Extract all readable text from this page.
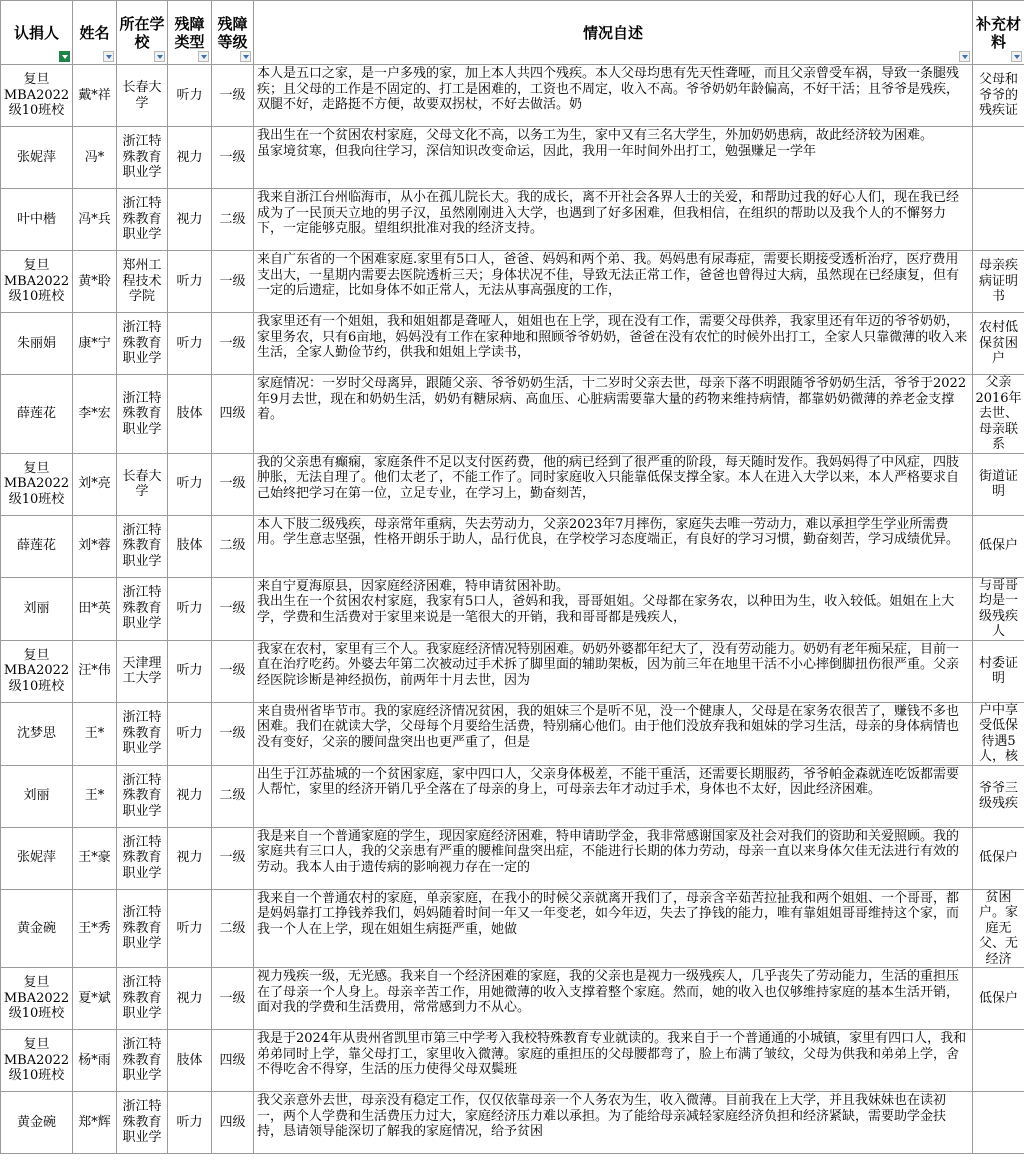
认捐人	姓名	所在学校	残障类型	残障等级	情况自述	补充材料

复旦MBA2022级10班校	戴*祥	长春大学	听力	一级	本人是五口之家，是一户多残的家，加上本人共四个残疾。本人父母均患有先天性聋哑，而且父亲曾受车祸，导致一条腿残疾；且父母的工作是不固定的、打工是困难的，工资也不周定，收入不高。爷爷奶奶年龄偏高，不好干活；且爷爷是残疾，双腿不好，走路挺不方便，故要双拐杖，不好去做活。奶	父母和爷爷的残疾证
张妮萍	冯*	浙江特殊教育职业学	视力	一级	我出生在一个贫困农村家庭，父母文化不高，以务工为生，家中又有三名大学生，外加奶奶患病，故此经济较为困难。
虽家境贫寒，但我向往学习，深信知识改变命运，因此，我用一年时间外出打工，勉强赚足一学年	

叶中楷	冯*兵	浙江特殊教育职业学	视力	二级	我来自浙江台州临海市，从小在孤儿院长大。我的成长，离不开社会各界人士的关爱，和帮助过我的好心人们，现在我已经成为了一民顶天立地的男子汉，虽然刚刚进入大学，也遇到了好多困难，但我相信，在组织的帮助以及我个人的不懈努力下，一定能够克服。望组织批准对我的经济支持。	

复旦MBA2022级10班校	黄*聆	郑州工程技术学院	听力	一级	来自广东省的一个困难家庭.家里有5口人，爸爸、妈妈和两个弟、我。妈妈患有尿毒症，需要长期接受透析治疗，医疗费用支出大，一星期内需要去医院透析三天；身体状况不佳，导致无法正常工作，爸爸也曾得过大病，虽然现在已经康复，但有一定的后遗症，比如身体不如正常人，无法从事高强度的工作，	母亲疾病证明书
朱丽娟	康*宁	浙江特殊教育职业学	听力	一级	我家里还有一个姐姐，我和姐姐都是聋哑人，姐姐也在上学，现在没有工作，需要父母供养，我家里还有年迈的爷爷奶奶，家里务农，只有6亩地，妈妈没有工作在家种地和照顾爷爷奶奶，爸爸在没有农忙的时候外出打工，全家人只靠微薄的收入来生活，全家人勤俭节约，供我和姐姐上学读书，	农村低保贫困户
薛莲花	李*宏	浙江特殊教育职业学	肢体	四级	家庭情况：一岁时父母离异，跟随父亲、爷爷奶奶生活，十二岁时父亲去世，母亲下落不明跟随爷爷奶奶生活，爷爷于2022年9月去世，现在和奶奶生活，奶奶有糖尿病、高血压、心脏病需要靠大量的药物来维持病情，都靠奶奶微薄的养老金支撑着。	父亲2016年去世、母亲联系
复旦MBA2022级10班校	刘*亮	长春大学	听力	一级	我的父亲患有癫痫，家庭条件不足以支付医药费，他的病已经到了很严重的阶段，每天随时发作。我妈妈得了中风症，四肢肿胀，无法自理了。他们太老了，不能工作了。同时家庭收入只能靠低保支撑全家。本人在进入大学以来，本人严格要求自己始终把学习在第一位，立足专业，在学习上，勤奋刻苦，	街道证明
薛莲花	刘*蓉	浙江特殊教育职业学	肢体	二级	本人下肢二级残疾，母亲常年重病，失去劳动力，父亲2023年7月摔伤，家庭失去唯一劳动力，难以承担学生学业所需费用。学生意志坚强，性格开朗乐于助人，品行优良，在学校学习态度端正，有良好的学习习惯，勤奋刻苦，学习成绩优异。	低保户
刘丽	田*英	浙江特殊教育职业学	听力	一级	来自宁夏海原县，因家庭经济困难，特申请贫困补助。
我出生在一个贫困农村家庭，我家有5口人，爸妈和我，哥哥姐姐。父母都在家务农，以种田为生，收入较低。姐姐在上大学，学费和生活费对于家里来说是一笔很大的开销，我和哥哥都是残疾人，	与哥哥均是一级残疾人
复旦MBA2022级10班校	汪*伟	天津理工大学	听力	一级	我家在农村，家里有三个人。我家庭经济情况特别困难。奶奶外婆都年纪大了，没有劳动能力。奶奶有老年痴呆症，目前一直在治疗吃药。外婆去年第二次被动过手术拆了脚里面的辅助架板，因为前三年在地里干活不小心摔倒脚扭伤很严重。父亲经医院诊断是神经损伤，前两年十月去世，因为	村委证明
沈梦思	王*	浙江特殊教育职业学	听力	一级	来自贵州省毕节市。我的家庭经济情况贫困，我的姐妹三个是听不见，没一个健康人，父母是在家务农很苦了，赚钱不多也困难。我们在就读大学，父母每个月要给生活费，特别痛心他们。由于他们没放弃我和姐妹的学习生活，母亲的身体病情也没有变好，父亲的腰间盘突出也更严重了，但是	户中享受低保待遇5人，核
刘丽	王*	浙江特殊教育职业学	视力	二级	出生于江苏盐城的一个贫困家庭，家中四口人，父亲身体极差，不能干重活，还需要长期服药，爷爷帕金森就连吃饭都需要人帮忙，家里的经济开销几乎全落在了母亲的身上，可母亲去年才动过手术，身体也不太好，因此经济困难。	爷爷三级残疾
张妮萍	王*豪	浙江特殊教育职业学	视力	一级	我是来自一个普通家庭的学生，现因家庭经济困难，特申请助学金，我非常感谢国家及社会对我们的资助和关爱照顾。我的家庭共有三口人，我的父亲患有严重的腰椎间盘突出症，不能进行长期的体力劳动，母亲一直以来身体欠佳无法进行有效的劳动。我本人由于遗传病的影响视力存在一定的	低保户
黄金碗	王*秀	浙江特殊教育职业学	听力	二级	我来自一个普通农村的家庭，单亲家庭，在我小的时候父亲就离开我们了，母亲含辛茹苦拉扯我和两个姐姐、一个哥哥，都是妈妈靠打工挣钱养我们，妈妈随着时间一年又一年变老，如今年迈，失去了挣钱的能力，唯有靠姐姐哥哥维持这个家，而我一个人在上学，现在姐姐生病挺严重，她做	贫困户。家庭无父、无经济
复旦MBA2022级10班校	夏*斌	浙江特殊教育职业学	视力	一级	视力残疾一级，无光感。我来自一个经济困难的家庭，我的父亲也是视力一级残疾人，几乎丧失了劳动能力，生活的重担压在了母亲一个人身上。母亲辛苦工作，用她微薄的收入支撑着整个家庭。然而，她的收入也仅够维持家庭的基本生活开销，面对我的学费和生活费用，常常感到力不从心。	低保户
复旦MBA2022级10班校	杨*雨	浙江特殊教育职业学	肢体	四级	我是于2024年从贵州省凯里市第三中学考入我校特殊教育专业就读的。我来自于一个普通通的小城镇，家里有四口人，我和弟弟同时上学，靠父母打工，家里收入微薄。家庭的重担压的父母腰都弯了，脸上布满了皱纹，父母为供我和弟弟上学，舍不得吃舍不得穿，生活的压力使得父母双鬓班	

黄金碗	郑*辉	浙江特殊教育职业学	听力	四级	我父亲意外去世，母亲没有稳定工作，仅仅依靠母亲一个人务农为生，收入微薄。目前我在上大学，并且我妹妹也在读初一，两个人学费和生活费压力过大，家庭经济压力难以承担。为了能给母亲减轻家庭经济负担和经济紧缺，需要助学金扶持，恳请领导能深切了解我的家庭情况，给予贫困	
